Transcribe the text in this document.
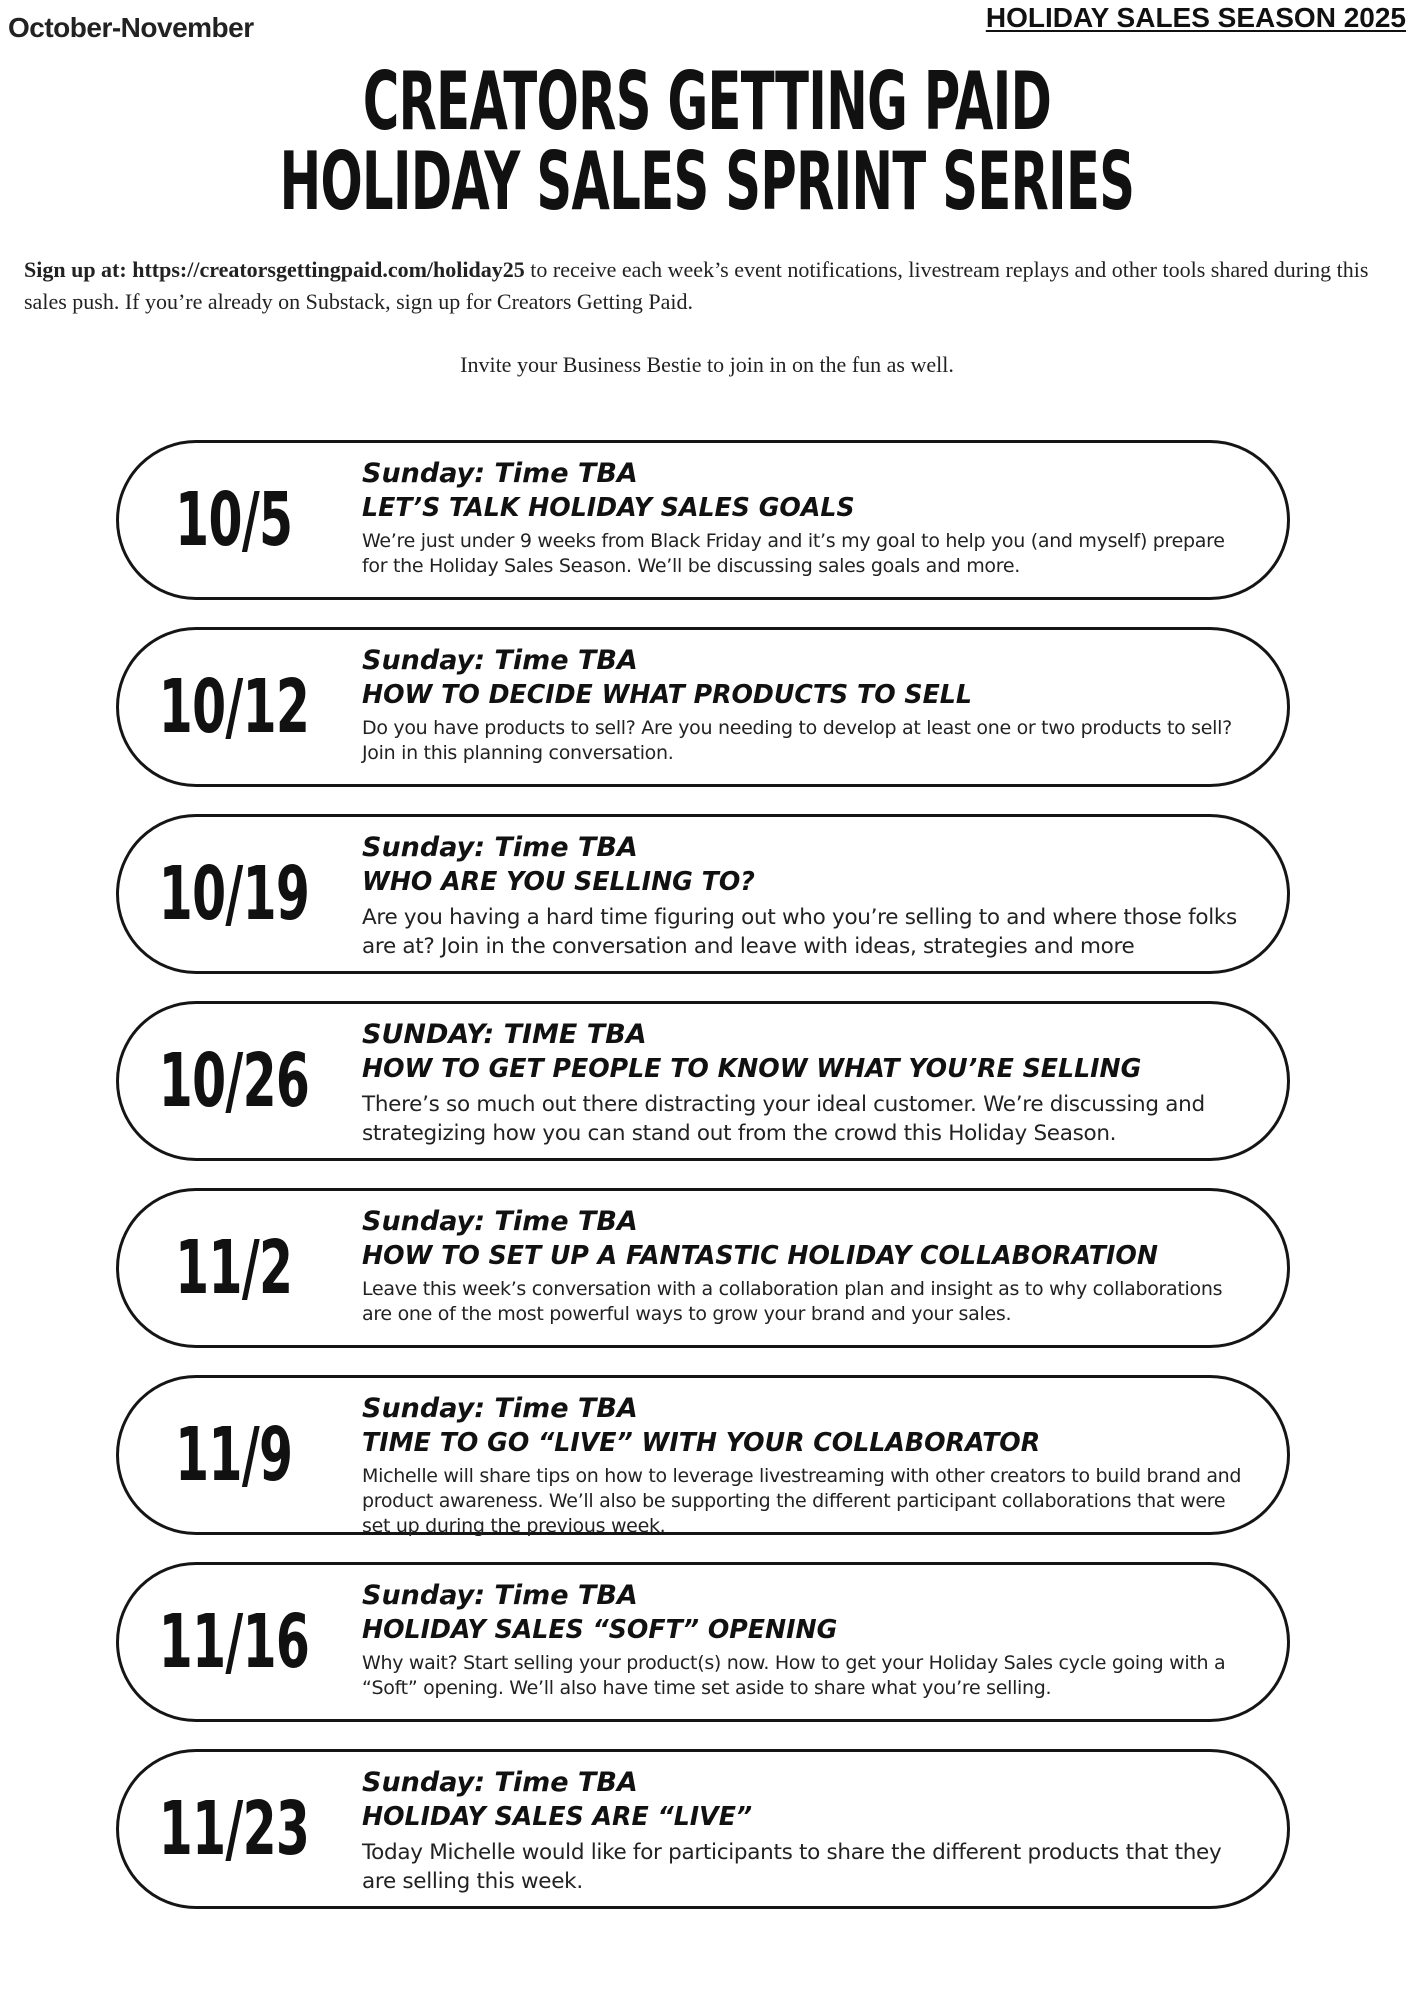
October-November	HOLIDAY SALES SEASON 2025
CREATORS GETTING PAID
HOLIDAY SALES SPRINT SERIES
Sign up at: https://creatorsgettingpaid.com/holiday25 to receive each week’s event notifications, livestream replays and other tools shared during this sales push. If you’re already on Substack, sign up for Creators Getting Paid.
Invite your Business Bestie to join in on the fun as well.
10/5
Sunday: Time TBA
LET’S TALK HOLIDAY SALES GOALS
We’re just under 9 weeks from Black Friday and it’s my goal to help you (and myself) prepare for the Holiday Sales Season. We’ll be discussing sales goals and more.
10/12
Sunday: Time TBA
HOW TO DECIDE WHAT PRODUCTS TO SELL
Do you have products to sell? Are you needing to develop at least one or two products to sell? Join in this planning conversation.
10/19
Sunday: Time TBA
WHO ARE YOU SELLING TO?
Are you having a hard time figuring out who you’re selling to and where those folks are at? Join in the conversation and leave with ideas, strategies and more
10/26
SUNDAY: TIME TBA
HOW TO GET PEOPLE TO KNOW WHAT YOU’RE SELLING
There’s so much out there distracting your ideal customer. We’re discussing and strategizing how you can stand out from the crowd this Holiday Season.
11/2
Sunday: Time TBA
HOW TO SET UP A FANTASTIC HOLIDAY COLLABORATION
Leave this week’s conversation with a collaboration plan and insight as to why collaborations are one of the most powerful ways to grow your brand and your sales.
11/9
Sunday: Time TBA
TIME TO GO “LIVE” WITH YOUR COLLABORATOR
Michelle will share tips on how to leverage livestreaming with other creators to build brand and product awareness. We’ll also be supporting the different participant collaborations that were set up during the previous week.
11/16
Sunday: Time TBA
HOLIDAY SALES “SOFT” OPENING
Why wait? Start selling your product(s) now. How to get your Holiday Sales cycle going with a “Soft” opening. We’ll also have time set aside to share what you’re selling.
11/23
Sunday: Time TBA
HOLIDAY SALES ARE “LIVE”
Today Michelle would like for participants to share the different products that they are selling this week.
